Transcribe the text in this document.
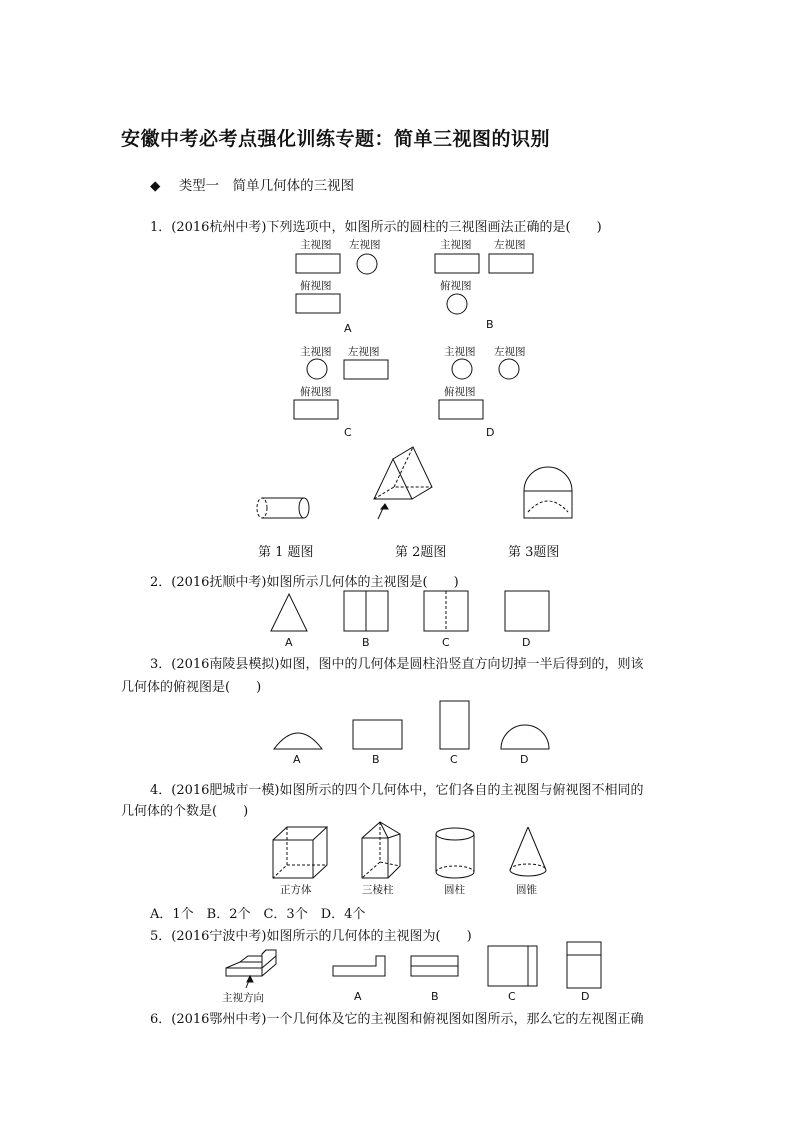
安徽中考必考点强化训练专题：简单三视图的识别
◆ 类型一　简单几何体的三视图
1．(2016杭州中考)下列选项中，如图所示的圆柱的三视图画法正确的是(　　)
主视图 左视图
俯视图
A
主视图 左视图
俯视图
B
主视图 左视图
俯视图
C
主视图 左视图
俯视图
D
第 1 题图	第 2题图	第 3题图
2．(2016抚顺中考)如图所示几何体的主视图是(　　)
A	B	C	D
3．(2016南陵县模拟)如图，图中的几何体是圆柱沿竖直方向切掉一半后得到的，则该
几何体的俯视图是(　　)
A	B	C	D
4．(2016肥城市一模)如图所示的四个几何体中，它们各自的主视图与俯视图不相同的
几何体的个数是(　　)
正方体	三棱柱	圆柱	圆锥
A．1个　B．2个　C．3个　D．4个
5．(2016宁波中考)如图所示的几何体的主视图为(　　)
主视方向	A	B	C	D
6．(2016鄂州中考)一个几何体及它的主视图和俯视图如图所示，那么它的左视图正确
